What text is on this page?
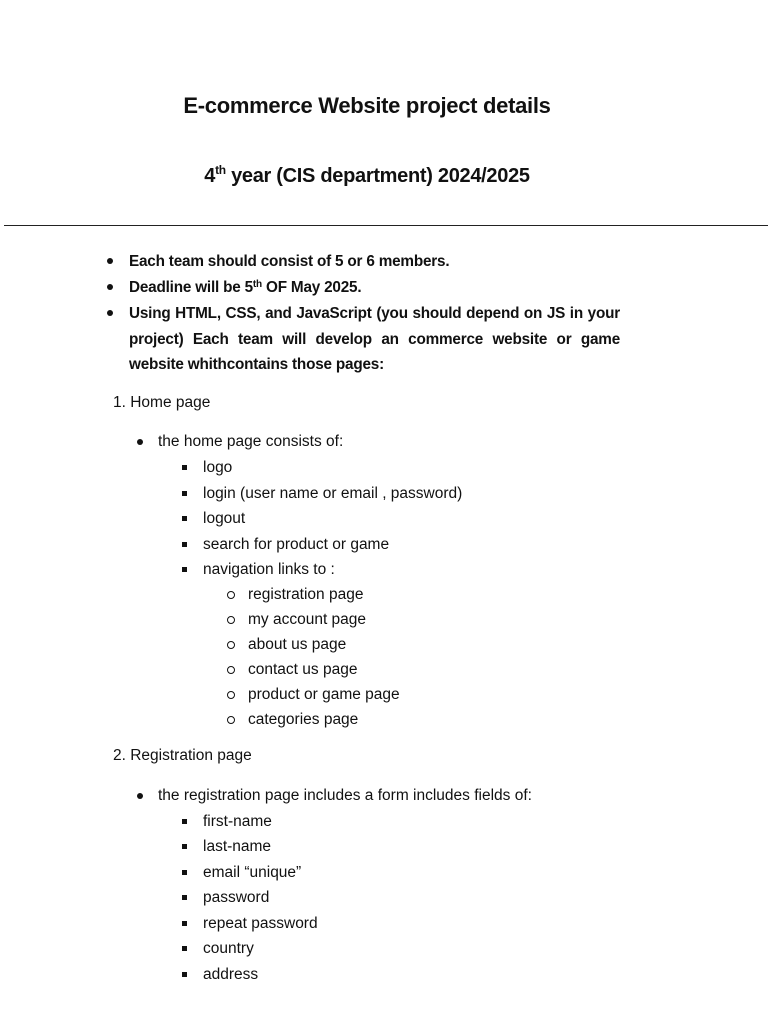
E-commerce Website project details
4th year (CIS department) 2024/2025
Each team should consist of 5 or 6 members.
Deadline will be 5th OF May 2025.
Using HTML, CSS, and JavaScript (you should depend on JS in your
project) Each team will develop an commerce website or game
website whithcontains those pages:
1. Home page
the home page consists of:
logo
login (user name or email , password)
logout
search for product or game
navigation links to :
registration page
my account page
about us page
contact us page
product or game page
categories page
2. Registration page
the registration page includes a form includes fields of:
first-name
last-name
email “unique”
password
repeat password
country
address
